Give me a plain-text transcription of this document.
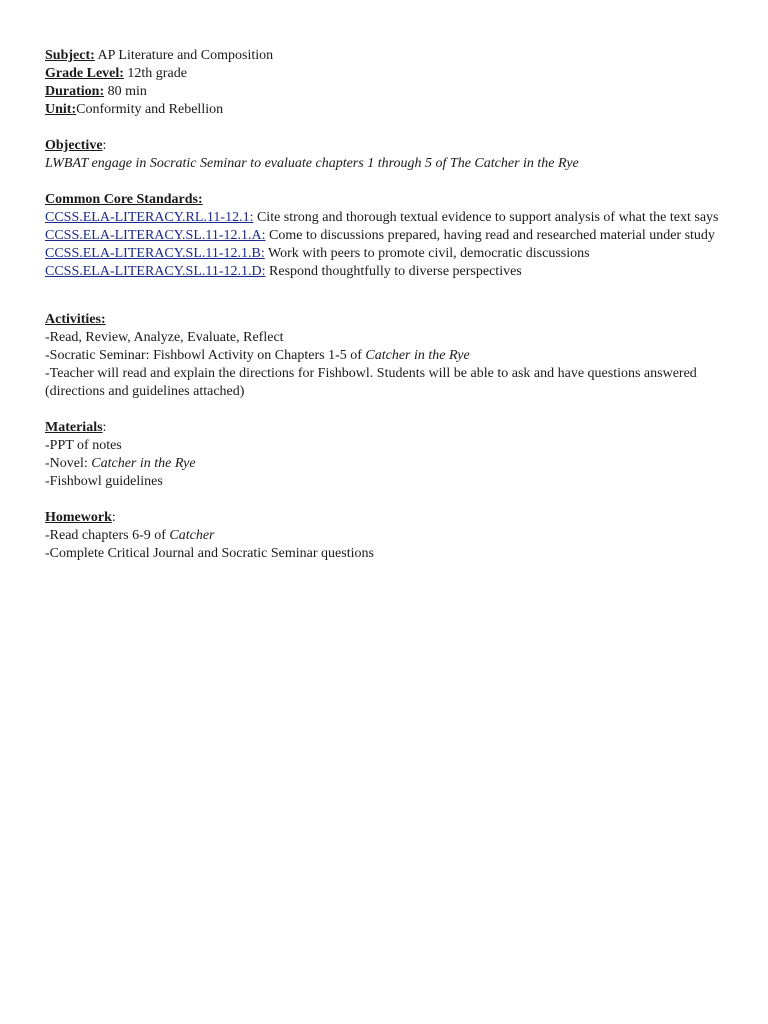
Subject: AP Literature and Composition
Grade Level: 12th grade
Duration: 80 min
Unit:Conformity and Rebellion
Objective:
LWBAT engage in Socratic Seminar to evaluate chapters 1 through 5 of The Catcher in the Rye
Common Core Standards:
CCSS.ELA-LITERACY.RL.11-12.1: Cite strong and thorough textual evidence to support analysis of what the text says
CCSS.ELA-LITERACY.SL.11-12.1.A: Come to discussions prepared, having read and researched material under study
CCSS.ELA-LITERACY.SL.11-12.1.B: Work with peers to promote civil, democratic discussions
CCSS.ELA-LITERACY.SL.11-12.1.D: Respond thoughtfully to diverse perspectives
Activities:
-Read, Review, Analyze, Evaluate, Reflect
-Socratic Seminar: Fishbowl Activity on Chapters 1-5 of Catcher in the Rye
-Teacher will read and explain the directions for Fishbowl. Students will be able to ask and have questions answered (directions and guidelines attached)
Materials:
-PPT of notes
-Novel: Catcher in the Rye
-Fishbowl guidelines
Homework:
-Read chapters 6-9 of Catcher
-Complete Critical Journal and Socratic Seminar questions
